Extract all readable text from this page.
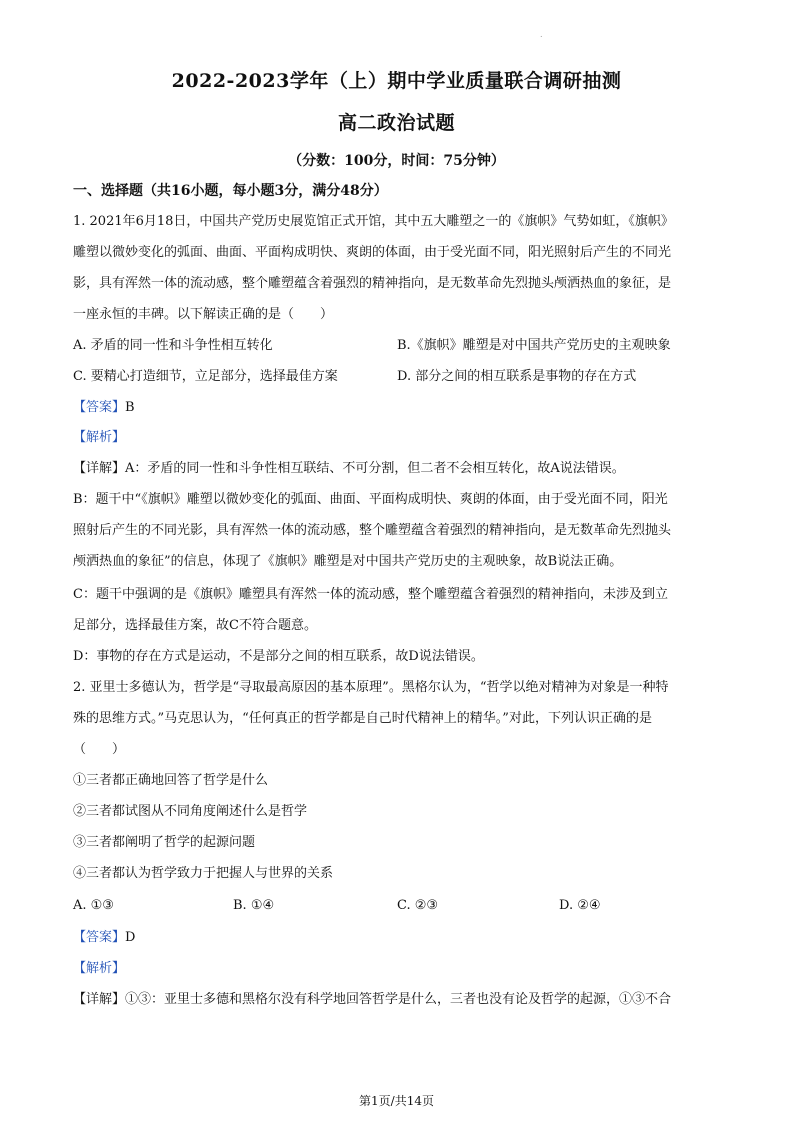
.
2022-2023学年（上）期中学业质量联合调研抽测
高二政治试题
（分数：100分，时间：75分钟）
一、选择题（共16小题，每小题3分，满分48分）
1. 2021年6月18日，中国共产党历史展览馆正式开馆，其中五大雕塑之一的《旗帜》气势如虹，《旗帜》
雕塑以微妙变化的弧面、曲面、平面构成明快、爽朗的体面，由于受光面不同，阳光照射后产生的不同光
影，具有浑然一体的流动感，整个雕塑蕴含着强烈的精神指向，是无数革命先烈抛头颅洒热血的象征，是
一座永恒的丰碑。以下解读正确的是（　　）
A. 矛盾的同一性和斗争性相互转化	B.《旗帜》雕塑是对中国共产党历史的主观映象
C. 要精心打造细节，立足部分，选择最佳方案	D. 部分之间的相互联系是事物的存在方式
【答案】B
【解析】
【详解】A：矛盾的同一性和斗争性相互联结、不可分割，但二者不会相互转化，故A说法错误。
B：题干中“《旗帜》雕塑以微妙变化的弧面、曲面、平面构成明快、爽朗的体面，由于受光面不同，阳光
照射后产生的不同光影，具有浑然一体的流动感，整个雕塑蕴含着强烈的精神指向，是无数革命先烈抛头
颅洒热血的象征”的信息，体现了《旗帜》雕塑是对中国共产党历史的主观映象，故B说法正确。
C：题干中强调的是《旗帜》雕塑具有浑然一体的流动感，整个雕塑蕴含着强烈的精神指向，未涉及到立
足部分，选择最佳方案，故C不符合题意。
D：事物的存在方式是运动，不是部分之间的相互联系，故D说法错误。
2. 亚里士多德认为，哲学是“寻取最高原因的基本原理”。黑格尔认为，“哲学以绝对精神为对象是一种特
殊的思维方式。”马克思认为，“任何真正的哲学都是自己时代精神上的精华。”对此，下列认识正确的是
（　　）
①三者都正确地回答了哲学是什么
②三者都试图从不同角度阐述什么是哲学
③三者都阐明了哲学的起源问题
④三者都认为哲学致力于把握人与世界的关系
A. ①③	B. ①④	C. ②③	D. ②④
【答案】D
【解析】
【详解】①③：亚里士多德和黑格尔没有科学地回答哲学是什么，三者也没有论及哲学的起源，①③不合
第1页/共14页
